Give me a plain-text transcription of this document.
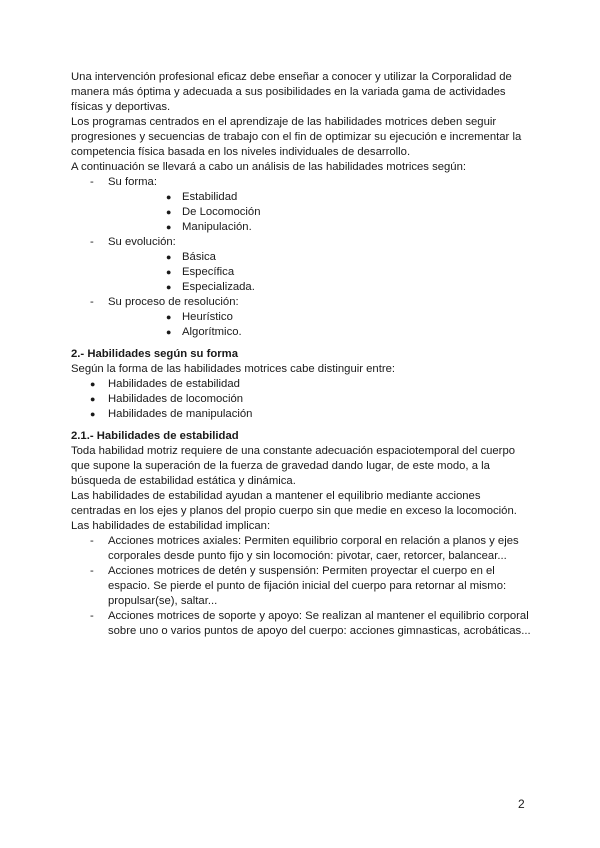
Una intervención profesional eficaz debe enseñar a conocer y utilizar la Corporalidad de manera más óptima y adecuada a sus posibilidades en la variada gama de actividades físicas y deportivas.

Los programas centrados en el aprendizaje de las habilidades motrices deben seguir progresiones y secuencias de trabajo con el fin de optimizar su ejecución e incrementar la competencia física basada en los niveles individuales de desarrollo.

A continuación se llevará a cabo un análisis de las habilidades motrices según:

- Su forma:
● Estabilidad
● De Locomoción
● Manipulación.
- Su evolución:
● Básica
● Específica
● Especializada.
- Su proceso de resolución:
● Heurístico
● Algorítmico.
2.- Habilidades según su forma

Según la forma de las habilidades motrices cabe distinguir entre:

● Habilidades de estabilidad
● Habilidades de locomoción
● Habilidades de manipulación
2.1.- Habilidades de estabilidad

Toda habilidad motriz requiere de una constante adecuación espaciotemporal del cuerpo que supone la superación de la fuerza de gravedad dando lugar, de este modo, a la búsqueda de estabilidad estática y dinámica.

Las habilidades de estabilidad ayudan a mantener el equilibrio mediante acciones centradas en los ejes y planos del propio cuerpo sin que medie en exceso la locomoción.

Las habilidades de estabilidad implican:

- Acciones motrices axiales: Permiten equilibrio corporal en relación a planos y ejes corporales desde punto fijo y sin locomoción: pivotar, caer, retorcer, balancear...
- Acciones motrices de detén y suspensión: Permiten proyectar el cuerpo en el espacio. Se pierde el punto de fijación inicial del cuerpo para retornar al mismo: propulsar(se), saltar...
- Acciones motrices de soporte y apoyo: Se realizan al mantener el equilibrio corporal sobre uno o varios puntos de apoyo del cuerpo: acciones gimnasticas, acrobáticas...
2
